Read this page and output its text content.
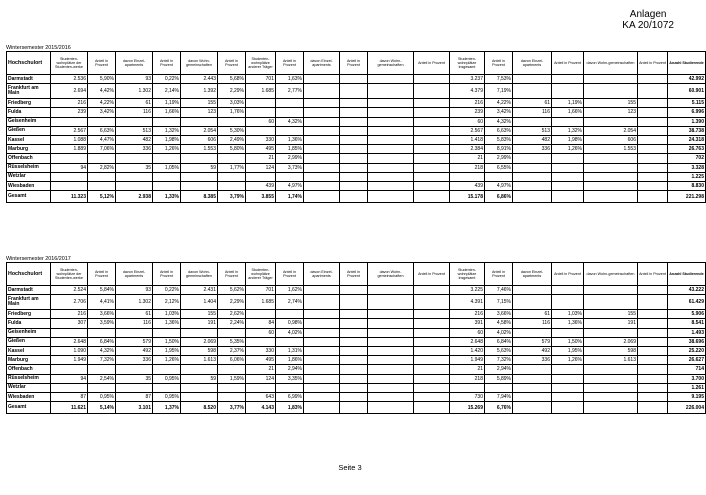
Anlagen
KA 20/1072
Wintersemester 2015/2016
Hochschulort	Studenten-wohnplätze der Studenten-werke	Anteil in Prozent	davon Einzel-apartments	Anteil in Prozent	davon Wohn-gemeinschaften	Anteil in Prozent	Studenten-wohnplätze anderer Träger	Anteil in Prozent	davon Einzel-apartments	Anteil in Prozent	davon Wohn-gemeinschaften	Anteil in Prozent	Studenten-wohnplätze insgesamt	Anteil in Prozent	davon Einzel-apartments	Anteil in Prozent	davon Wohn-gemeinschaften	Anteil in Prozent	Anzahl Studierende
Darmstadt	2.536	5,90%	93	0,22%	2.443	5,68%	701	1,63%					3.237	7,53%					42.992
Frankfurt am Main	2.694	4,42%	1.302	2,14%	1.392	2,29%	1.685	2,77%					4.379	7,19%					60.901
Friedberg	216	4,22%	61	1,19%	155	3,03%							216	4,22%	61	1,19%	155		5.115
Fulda	239	3,42%	116	1,66%	123	1,76%							239	3,42%	116	1,66%	123		6.996
Geisenheim							60	4,32%					60	4,32%					1.390
Gießen	2.567	6,63%	513	1,32%	2.054	5,30%							2.567	6,63%	513	1,32%	2.054		38.738
Kassel	1.088	4,47%	482	1,98%	606	2,49%	330	1,36%					1.418	5,83%	482	1,98%	606		24.318
Marburg	1.889	7,06%	336	1,26%	1.553	5,80%	495	1,85%					2.384	8,91%	336	1,26%	1.553		26.763
Offenbach							21	2,99%					21	2,99%					702
Rüsselsheim	94	2,82%	35	1,05%	59	1,77%	124	3,73%					218	6,55%					3.328
Wetzlar																			1.225
Wiesbaden							439	4,97%					439	4,97%					8.830
Gesamt	11.323	5,12%	2.938	1,33%	8.385	3,79%	3.855	1,74%					15.178	6,86%					221.298
Wintersemester 2016/2017
Hochschulort	Studenten-wohnplätze der Studenten-werke	Anteil in Prozent	davon Einzel-apartments	Anteil in Prozent	davon Wohn-gemeinschaften	Anteil in Prozent	Studenten-wohnplätze anderer Träger	Anteil in Prozent	davon Einzel-apartments	Anteil in Prozent	davon Wohn-gemeinschaften	Anteil in Prozent	Studenten-wohnplätze insgesamt	Anteil in Prozent	davon Einzel-apartments	Anteil in Prozent	davon Wohn-gemeinschaften	Anteil in Prozent	Anzahl Studierende
Darmstadt	2.524	5,84%	93	0,22%	2.431	5,62%	701	1,62%					3.225	7,46%					43.222
Frankfurt am Main	2.706	4,41%	1.302	2,12%	1.404	2,29%	1.685	2,74%					4.391	7,15%					61.429
Friedberg	216	3,66%	61	1,03%	155	2,62%							216	3,66%	61	1,03%	155		5.906
Fulda	307	3,59%	116	1,36%	191	2,24%	84	0,98%					391	4,58%	116	1,36%	191		8.541
Geisenheim							60	4,02%					60	4,02%					1.493
Gießen	2.648	6,84%	579	1,50%	2.069	5,35%							2.648	6,84%	579	1,50%	2.069		38.696
Kassel	1.090	4,32%	492	1,95%	598	2,37%	330	1,31%					1.420	5,63%	492	1,95%	598		25.220
Marburg	1.949	7,32%	336	1,26%	1.613	6,06%	495	1,86%					1.949	7,32%	336	1,26%	1.613		26.627
Offenbach							21	2,94%					21	2,94%					714
Rüsselsheim	94	2,54%	35	0,95%	59	1,59%	124	3,35%					218	5,89%					3.700
Wetzlar																			1.261
Wiesbaden	87	0,95%	87	0,95%			643	6,99%					730	7,94%					9.195
Gesamt	11.621	5,14%	3.101	1,37%	8.520	3,77%	4.143	1,83%					15.269	6,76%					226.004
Seite 3
